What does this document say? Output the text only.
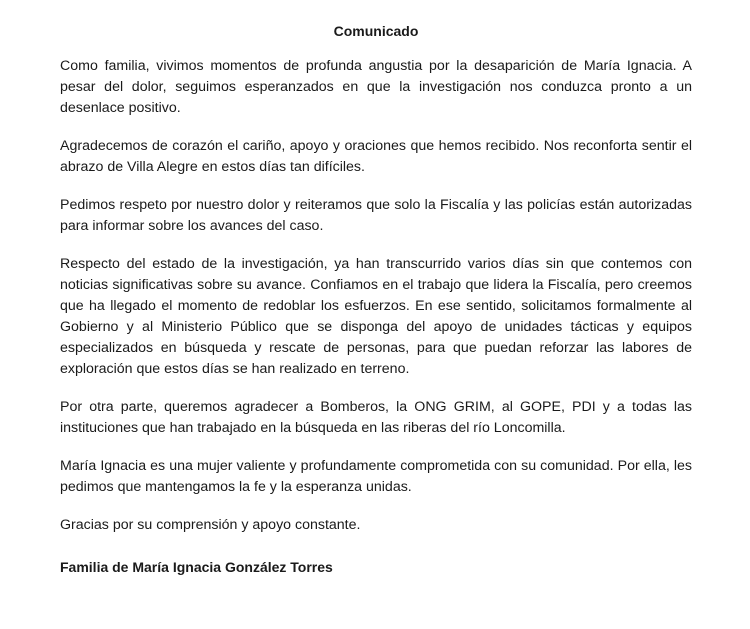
Comunicado

Como familia, vivimos momentos de profunda angustia por la desaparición de María Ignacia. A pesar del dolor, seguimos esperanzados en que la investigación nos conduzca pronto a un desenlace positivo.

Agradecemos de corazón el cariño, apoyo y oraciones que hemos recibido. Nos reconforta sentir el abrazo de Villa Alegre en estos días tan difíciles.

Pedimos respeto por nuestro dolor y reiteramos que solo la Fiscalía y las policías están autorizadas para informar sobre los avances del caso.

Respecto del estado de la investigación, ya han transcurrido varios días sin que contemos con noticias significativas sobre su avance. Confiamos en el trabajo que lidera la Fiscalía, pero creemos que ha llegado el momento de redoblar los esfuerzos. En ese sentido, solicitamos formalmente al Gobierno y al Ministerio Público que se disponga del apoyo de unidades tácticas y equipos especializados en búsqueda y rescate de personas, para que puedan reforzar las labores de exploración que estos días se han realizado en terreno.

Por otra parte, queremos agradecer a Bomberos, la ONG GRIM, al GOPE, PDI y a todas las instituciones que han trabajado en la búsqueda en las riberas del río Loncomilla.

María Ignacia es una mujer valiente y profundamente comprometida con su comunidad. Por ella, les pedimos que mantengamos la fe y la esperanza unidas.

Gracias por su comprensión y apoyo constante.

Familia de María Ignacia González Torres
